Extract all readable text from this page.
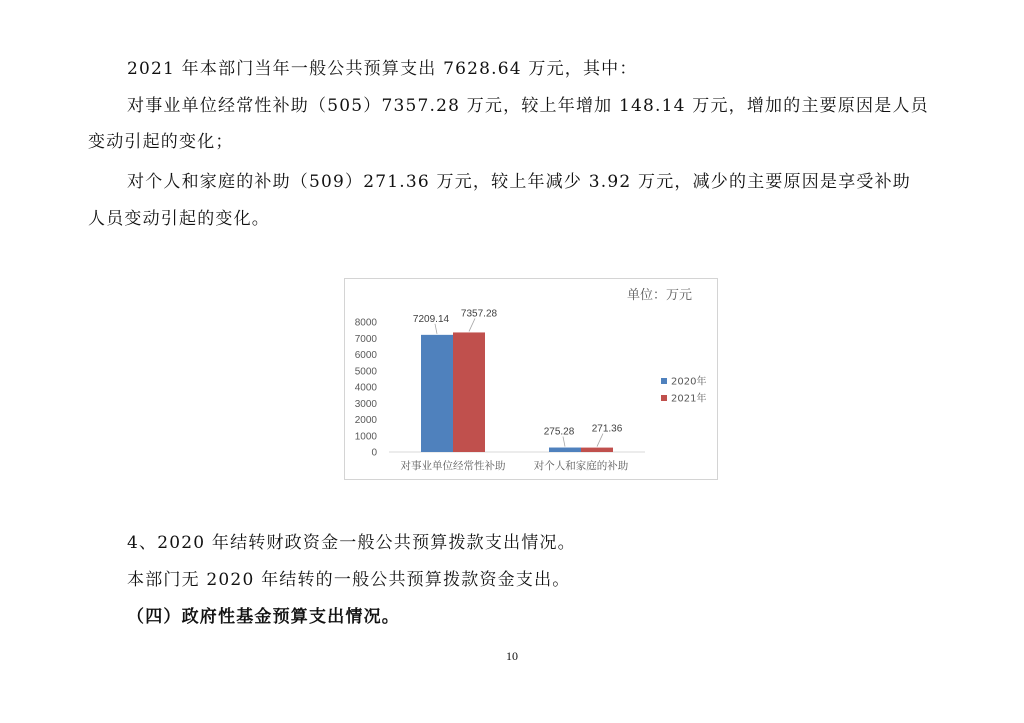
2021 年本部门当年一般公共预算支出 7628.64 万元，其中：
对事业单位经常性补助（505）7357.28 万元，较上年增加 148.14 万元，增加的主要原因是人员
变动引起的变化；
对个人和家庭的补助（509）271.36 万元，较上年减少 3.92 万元，减少的主要原因是享受补助
人员变动引起的变化。
单位：万元
0
1000
2000
3000
4000
5000
6000
7000
8000	7209.14 7357.28
对事业单位经常性补助
275.28 271.36
对个人和家庭的补助
2020年
2021年
4、2020 年结转财政资金一般公共预算拨款支出情况。
本部门无 2020 年结转的一般公共预算拨款资金支出。
（四）政府性基金预算支出情况。
10
